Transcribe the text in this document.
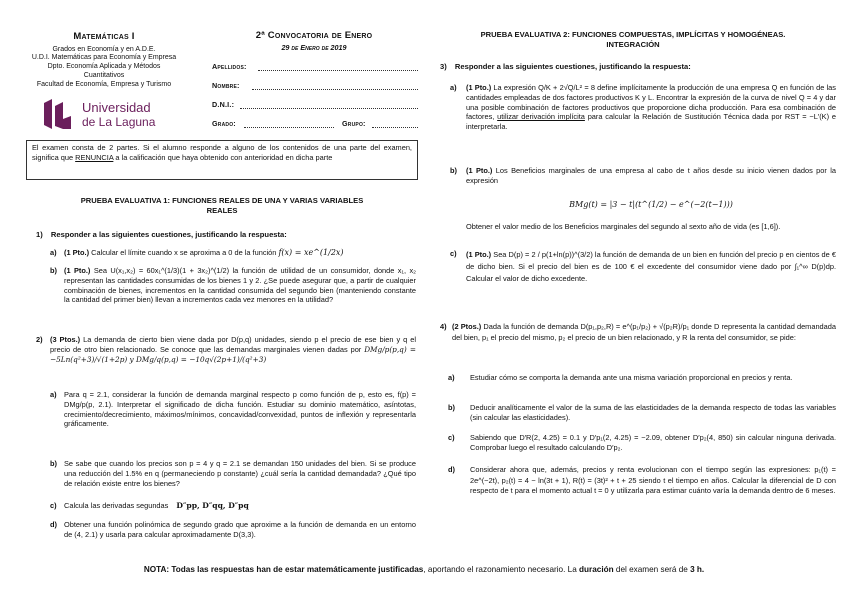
Matemáticas I
Grados en Economía y en A.D.E.
U.D.I. Matemáticas para Economía y Empresa
Dpto. Economía Aplicada y Métodos Cuantitativos
Facultad de Economía, Empresa y Turismo
Universidad
de La Laguna
2ª Convocatoria de Enero
29 de Enero de 2019
Apellidos:
Nombre:
D.N.I.:
Grado:	Grupo:
El examen consta de 2 partes. Si el alumno responde a alguno de los contenidos de una parte del examen, significa que RENUNCIA a la calificación que haya obtenido con anterioridad en dicha parte
PRUEBA EVALUATIVA 1: FUNCIONES REALES DE UNA Y VARIAS VARIABLES
REALES
1) Responder a las siguientes cuestiones, justificando la respuesta:
a) (1 Pto.) Calcular el límite cuando x se aproxima a 0 de la función f(x) = xe^(1/2x)
b) (1 Pto.) Sea U(x₁,x₂) = 60x₁^(1/3)(1 + 3x₂)^(1/2) la función de utilidad de un consumidor, donde x₁, x₂ representan las cantidades consumidas de los bienes 1 y 2. ¿Se puede asegurar que, a partir de cualquier combinación de bienes, incrementos en la cantidad consumida del segundo bien (manteniendo constante la cantidad del primer bien) llevan a incrementos cada vez menores en la utilidad?
2) (3 Ptos.) La demanda de cierto bien viene dada por D(p,q) unidades, siendo p el precio de ese bien y q el precio de otro bien relacionado. Se conoce que las demandas marginales vienen dadas por DMg/p(p,q) = −5Ln(q²+3)/√(1+2p) y DMg/q(p,q) = −10q√(2p+1)/(q²+3)
a) Para q = 2.1, considerar la función de demanda marginal respecto p como función de p, esto es, f(p) = DMg/p(p, 2.1). Interpretar el significado de dicha función. Estudiar su dominio matemático, asíntotas, crecimiento/decrecimiento, máximos/mínimos, concavidad/convexidad, puntos de inflexión y representarla gráficamente.
b) Se sabe que cuando los precios son p = 4 y q = 2.1 se demandan 150 unidades del bien. Si se produce una reducción del 1.5% en q (permaneciendo p constante) ¿cuál sería la cantidad demandada? ¿Qué tipo de relación existe entre los bienes?
c) Calcula las derivadas segundas D″pp, D″qq, D″pq
d) Obtener una función polinómica de segundo grado que aproxime a la función de demanda en un entorno de (4, 2.1) y usarla para calcular aproximadamente D(3,3).
PRUEBA EVALUATIVA 2: FUNCIONES COMPUESTAS, IMPLÍCITAS Y HOMOGÉNEAS.
INTEGRACIÓN
3) Responder a las siguientes cuestiones, justificando la respuesta:
a) (1 Pto.) La expresión Q/K + 2√Q/L² = 8 define implícitamente la producción de una empresa Q en función de las cantidades empleadas de dos factores productivos K y L. Encontrar la expresión de la curva de nivel Q = 4 y dar una posible combinación de factores productivos que proporcione dicha producción. Para esa combinación de factores, utilizar derivación implícita para calcular la Relación de Sustitución Técnica dada por RST = −L′(K) e interpretarla.
b) (1 Pto.) Los Beneficios marginales de una empresa al cabo de t años desde su inicio vienen dados por la expresión
BMg(t) = |3 − t|(t^(1/2) − e^(−2(t−1)))
Obtener el valor medio de los Beneficios marginales del segundo al sexto año de vida (es [1,6]).
c) (1 Pto.) Sea D(p) = 2 / p(1+ln(p))^(3/2) la función de demanda de un bien en función del precio p en cientos de € de dicho bien. Si el precio del bien es de 100 € el excedente del consumidor viene dado por ∫₁^∞ D(p)dp. Calcular el valor de dicho excedente.
4) (2 Ptos.) Dada la función de demanda D(p₁,p₂,R) = e^(p₁/p₂) + √(p₂R)/p₁ donde D representa la cantidad demandada del bien, p₁ el precio del mismo, p₂ el precio de un bien relacionado, y R la renta del consumidor, se pide:
a) Estudiar cómo se comporta la demanda ante una misma variación proporcional en precios y renta.
b) Deducir analíticamente el valor de la suma de las elasticidades de la demanda respecto de todas las variables (sin calcular las elasticidades).
c) Sabiendo que D′R(2, 4.25) = 0.1 y D′p₁(2, 4.25) = −2.09, obtener D′p₂(4, 850) sin calcular ninguna derivada. Comprobar luego el resultado calculando D′p₂.
d) Considerar ahora que, además, precios y renta evolucionan con el tiempo según las expresiones: p₁(t) = 2e^(−2t), p₂(t) = 4 − ln(3t + 1), R(t) = (3t)² + t + 25 siendo t el tiempo en años. Calcular la diferencial de D con respecto de t para el momento actual t = 0 y utilizarla para estimar cuánto varía la demanda dentro de 6 meses.
NOTA: Todas las respuestas han de estar matemáticamente justificadas, aportando el razonamiento necesario. La duración del examen será de 3 h.
